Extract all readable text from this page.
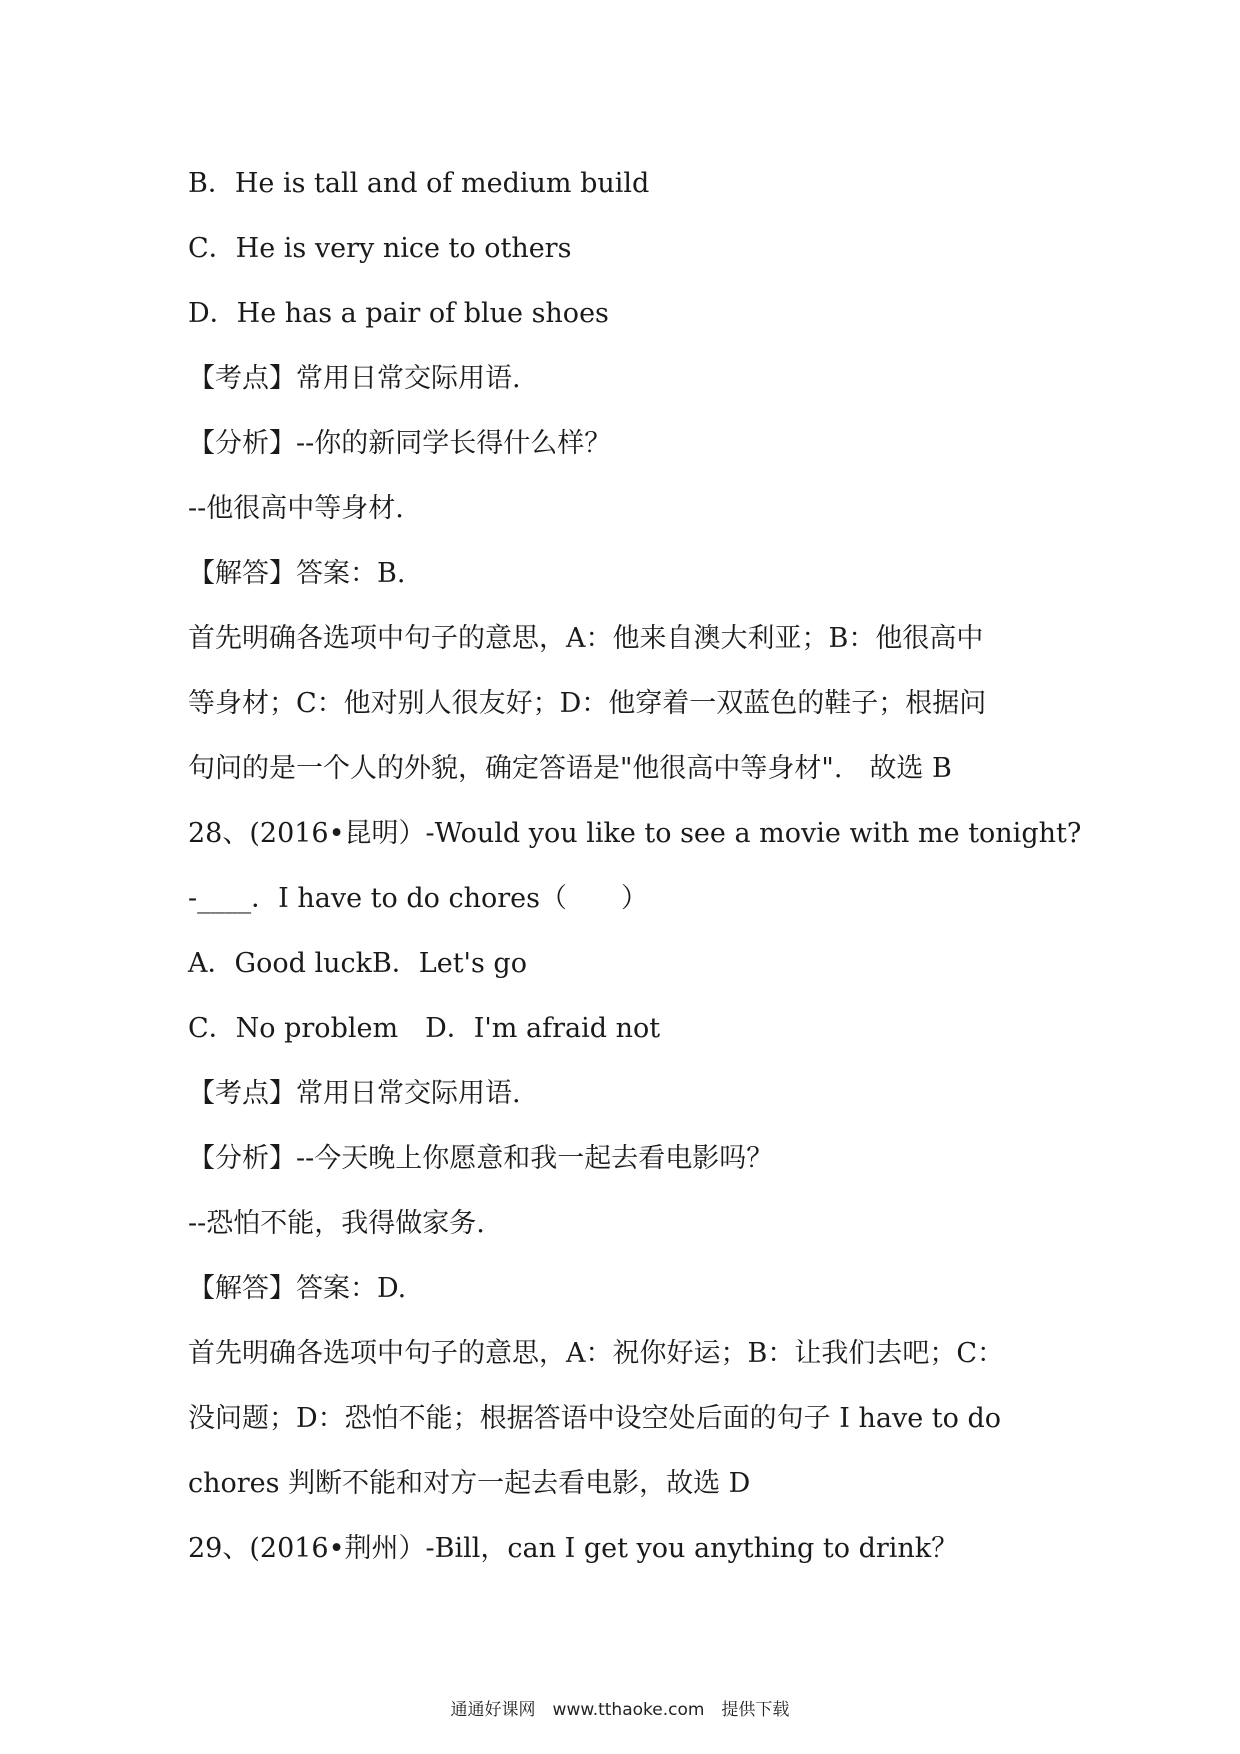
B．He is tall and of medium build
C．He is very nice to others
D．He has a pair of blue shoes
【考点】常用日常交际用语.
【分析】--你的新同学长得什么样？
--他很高中等身材.
【解答】答案：B.
首先明确各选项中句子的意思，A：他来自澳大利亚；B：他很高中
等身材；C：他对别人很友好；D：他穿着一双蓝色的鞋子；根据问
句问的是一个人的外貌，确定答语是"他很高中等身材".　故选 B
28、(2016•昆明）-Would you like to see a movie with me tonight?
-____．I have to do chores（　　）
A．Good luckB．Let's go
C．No problem　D．I'm afraid not
【考点】常用日常交际用语.
【分析】--今天晚上你愿意和我一起去看电影吗？
--恐怕不能，我得做家务.
【解答】答案：D.
首先明确各选项中句子的意思，A：祝你好运；B：让我们去吧；C：
没问题；D：恐怕不能；根据答语中设空处后面的句子 I have to do
chores 判断不能和对方一起去看电影，故选 D
29、(2016•荆州）-Bill，can I get you anything to drink？
通通好课网　www.tthaoke.com　提供下载
